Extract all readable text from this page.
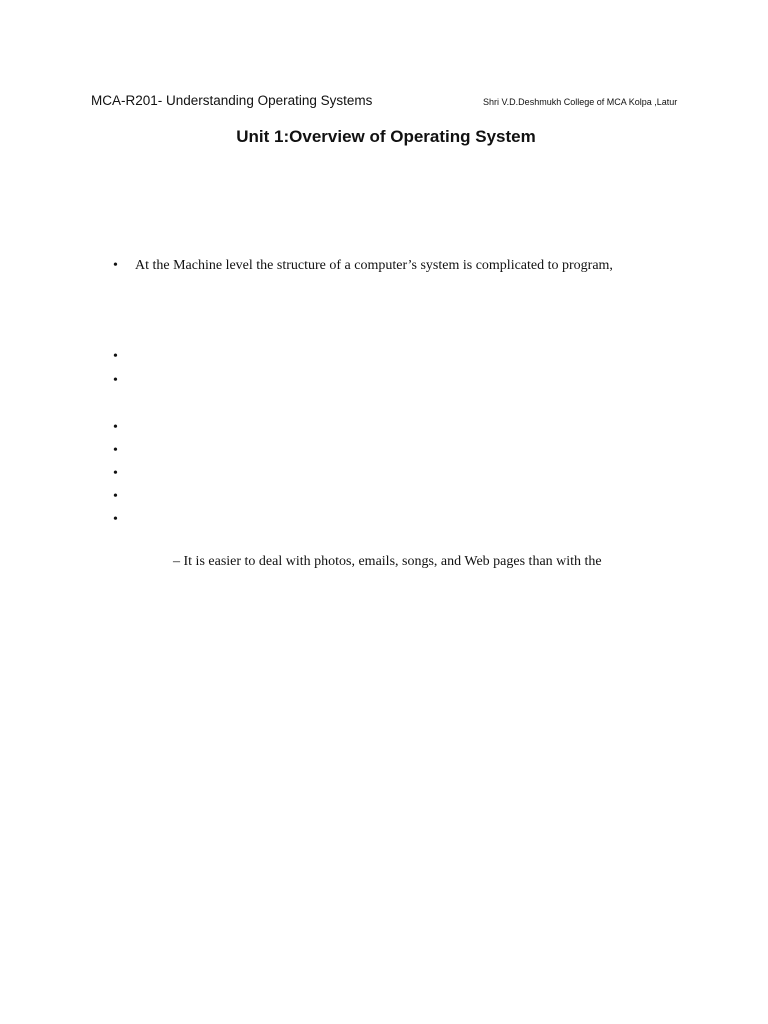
MCA-R201- Understanding Operating Systems	Shri V.D.Deshmukh College of MCA Kolpa ,Latur
Unit 1:Overview of Operating System
• At the Machine level the structure of a computer’s system is complicated to program,
•
•
•
•
•
•
•
– It is easier to deal with photos, emails, songs, and Web pages than with the
